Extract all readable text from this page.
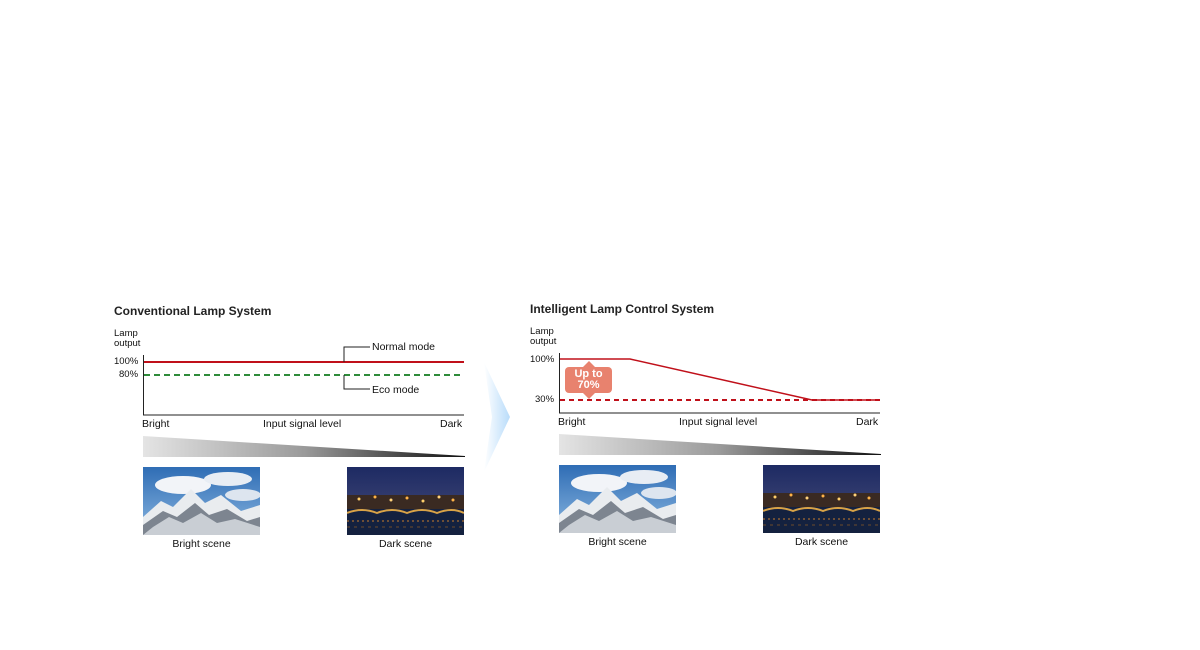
Conventional Lamp System
Lamp
output
100%
80%
Normal mode
Eco mode
Bright	Input signal level	Dark
Bright scene	Dark scene
Intelligent Lamp Control System
Lamp
output
100%
30%
Up to
70%
Bright	Input signal level	Dark
Bright scene	Dark scene
